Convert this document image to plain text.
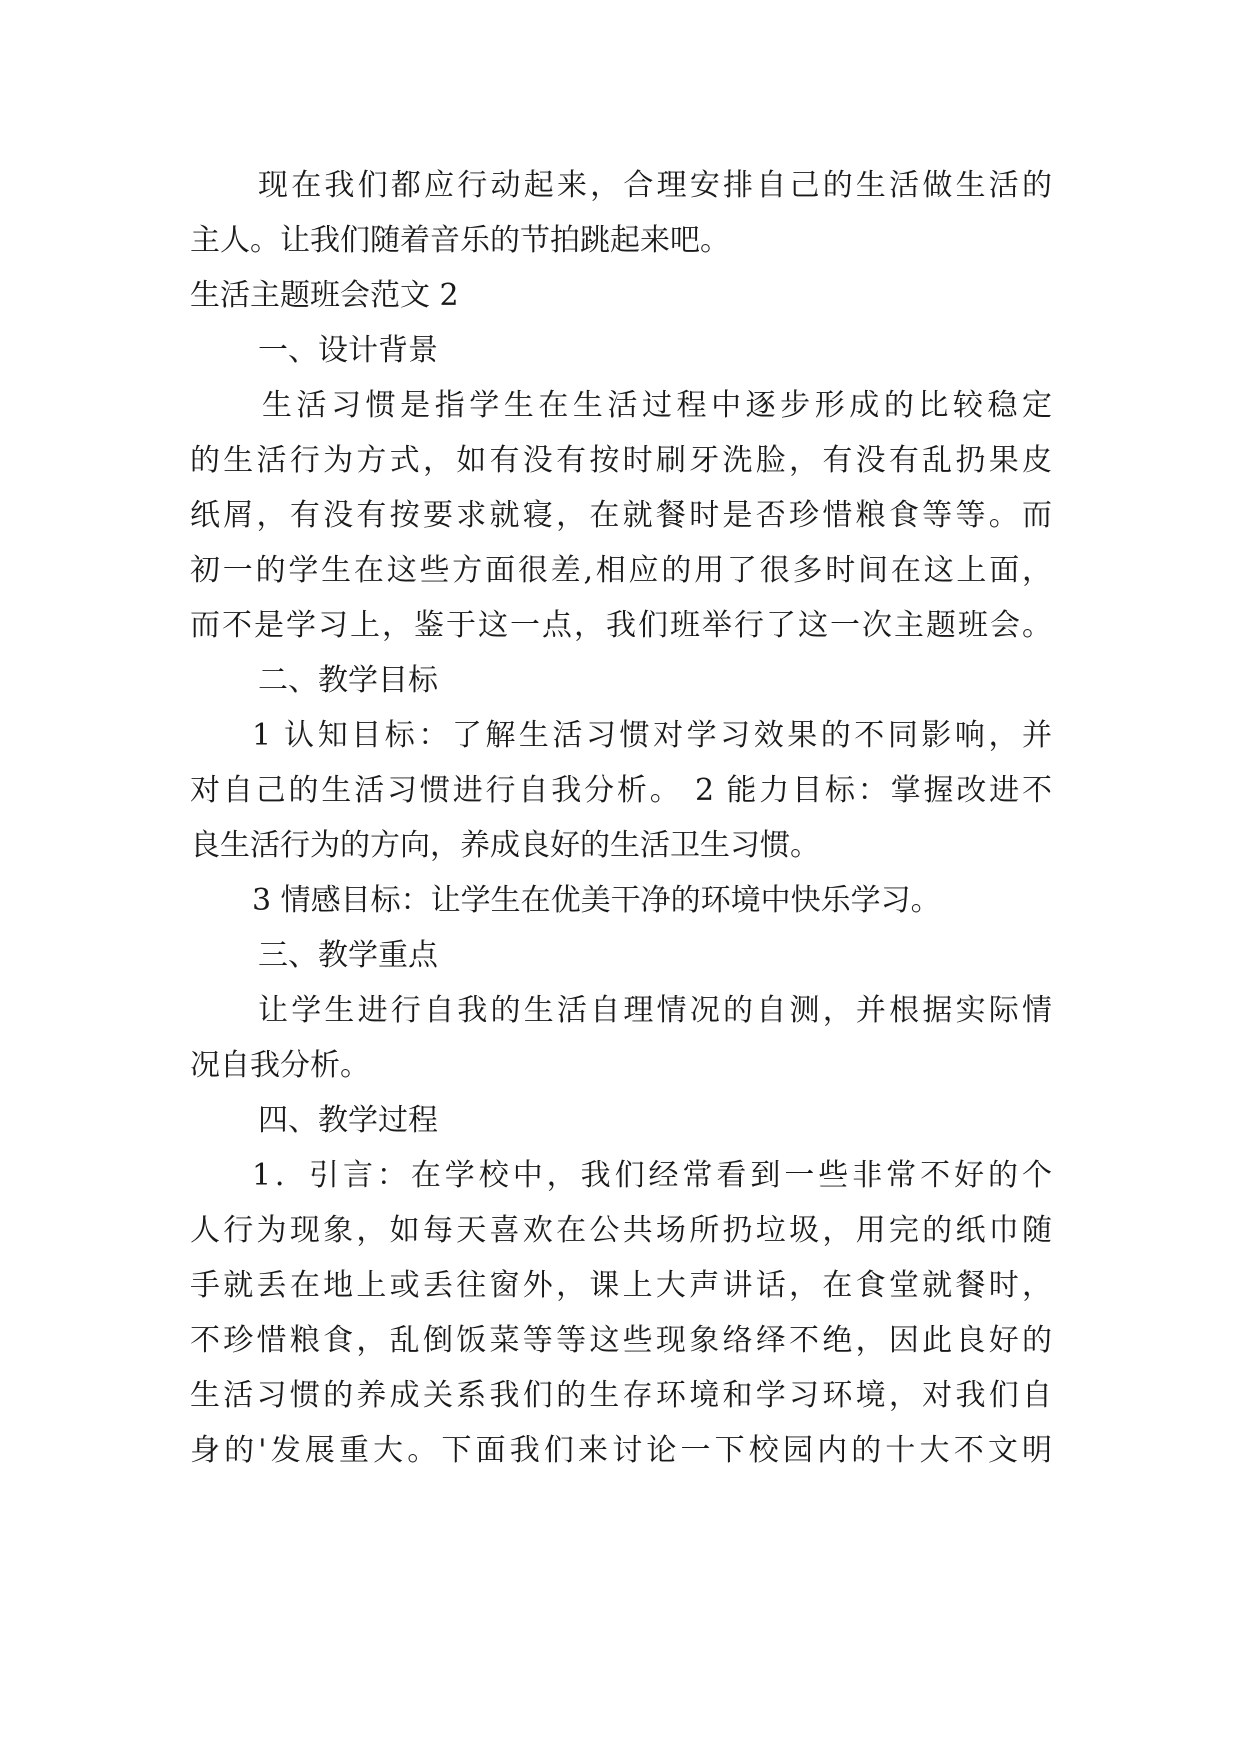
现在我们都应行动起来，合理安排自己的生活做生活的
主人。让我们随着音乐的节拍跳起来吧。
生活主题班会范文 2
一、设计背景
生活习惯是指学生在生活过程中逐步形成的比较稳定
的生活行为方式，如有没有按时刷牙洗脸，有没有乱扔果皮
纸屑，有没有按要求就寝，在就餐时是否珍惜粮食等等。而
初一的学生在这些方面很差,相应的用了很多时间在这上面，
而不是学习上，鉴于这一点，我们班举行了这一次主题班会。
二、教学目标
1 认知目标：了解生活习惯对学习效果的不同影响，并
对自己的生活习惯进行自我分析。 2 能力目标：掌握改进不
良生活行为的方向，养成良好的生活卫生习惯。
3 情感目标：让学生在优美干净的环境中快乐学习。
三、教学重点
让学生进行自我的生活自理情况的自测，并根据实际情
况自我分析。
四、教学过程
1．引言：在学校中，我们经常看到一些非常不好的个
人行为现象，如每天喜欢在公共场所扔垃圾，用完的纸巾随
手就丢在地上或丢往窗外，课上大声讲话，在食堂就餐时，
不珍惜粮食，乱倒饭菜等等这些现象络绎不绝，因此良好的
生活习惯的养成关系我们的生存环境和学习环境，对我们自
身的'发展重大。下面我们来讨论一下校园内的十大不文明
